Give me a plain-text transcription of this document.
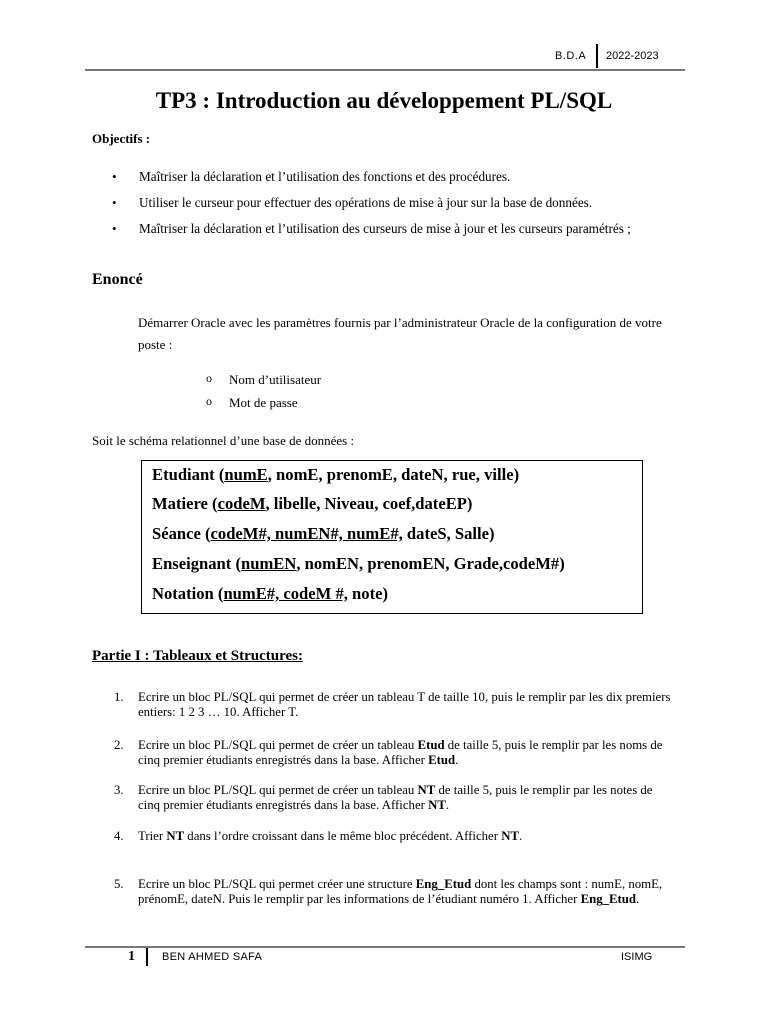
B.D.A 2022-2023
TP3 : Introduction au développement PL/SQL
Objectifs :
• Maîtriser la déclaration et l’utilisation des fonctions et des procédures.
• Utiliser le curseur pour effectuer des opérations de mise à jour sur la base de données.
• Maîtriser la déclaration et l’utilisation des curseurs de mise à jour et les curseurs paramétrés ;
Enoncé
Démarrer Oracle avec les paramètres fournis par l’administrateur Oracle de la configuration de votre poste :
o Nom d’utilisateur
o Mot de passe
Soit le schéma relationnel d’une base de données :
Etudiant (numE, nomE, prenomE, dateN, rue, ville)
Matiere (codeM, libelle, Niveau, coef,dateEP)
Séance (codeM#, numEN#, numE#, dateS, Salle)
Enseignant (numEN, nomEN, prenomEN, Grade,codeM#)
Notation (numE#, codeM #, note)
Partie I : Tableaux et Structures:
1. Ecrire un bloc PL/SQL qui permet de créer un tableau T de taille 10, puis le remplir par les dix premiers entiers: 1 2 3 … 10. Afficher T.
2. Ecrire un bloc PL/SQL qui permet de créer un tableau Etud de taille 5, puis le remplir par les noms de cinq premier étudiants enregistrés dans la base. Afficher Etud.
3. Ecrire un bloc PL/SQL qui permet de créer un tableau NT de taille 5, puis le remplir par les notes de cinq premier étudiants enregistrés dans la base. Afficher NT.
4. Trier NT dans l’ordre croissant dans le même bloc précédent. Afficher NT.
5. Ecrire un bloc PL/SQL qui permet créer une structure Eng_Etud dont les champs sont : numE, nomE, prénomE, dateN. Puis le remplir par les informations de l’étudiant numéro 1. Afficher Eng_Etud.
1 BEN AHMED SAFA	ISIMG
